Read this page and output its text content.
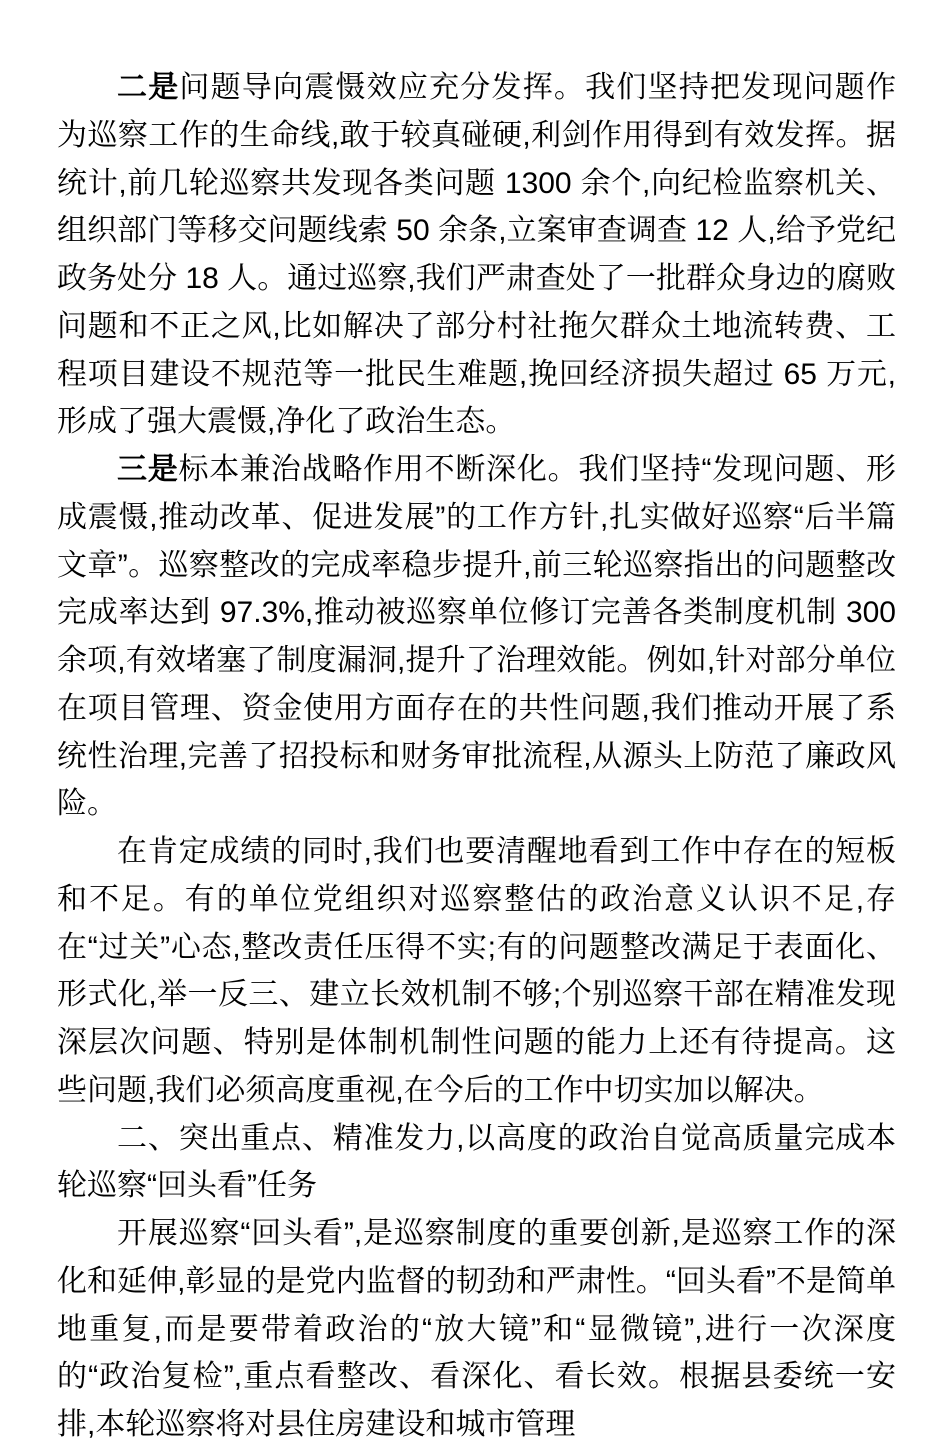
二是问题导向震慑效应充分发挥。我们坚持把发现问题作为巡察工作的生命线,敢于较真碰硬,利剑作用得到有效发挥。据统计,前几轮巡察共发现各类问题 1300 余个,向纪检监察机关、组织部门等移交问题线索 50 余条,立案审查调查 12 人,给予党纪政务处分 18 人。通过巡察,我们严肃查处了一批群众身边的腐败问题和不正之风,比如解决了部分村社拖欠群众土地流转费、工程项目建设不规范等一批民生难题,挽回经济损失超过 65 万元,形成了强大震慑,净化了政治生态。

三是标本兼治战略作用不断深化。我们坚持“发现问题、形成震慑,推动改革、促进发展”的工作方针,扎实做好巡察“后半篇文章”。巡察整改的完成率稳步提升,前三轮巡察指出的问题整改完成率达到 97.3%,推动被巡察单位修订完善各类制度机制 300 余项,有效堵塞了制度漏洞,提升了治理效能。例如,针对部分单位在项目管理、资金使用方面存在的共性问题,我们推动开展了系统性治理,完善了招投标和财务审批流程,从源头上防范了廉政风险。

在肯定成绩的同时,我们也要清醒地看到工作中存在的短板和不足。有的单位党组织对巡察整估的政治意义认识不足,存在“过关”心态,整改责任压得不实;有的问题整改满足于表面化、形式化,举一反三、建立长效机制不够;个别巡察干部在精准发现深层次问题、特别是体制机制性问题的能力上还有待提高。这些问题,我们必须高度重视,在今后的工作中切实加以解决。

二、突出重点、精准发力,以高度的政治自觉高质量完成本轮巡察“回头看”任务

开展巡察“回头看”,是巡察制度的重要创新,是巡察工作的深化和延伸,彰显的是党内监督的韧劲和严肃性。“回头看”不是简单地重复,而是要带着政治的“放大镜”和“显微镜”,进行一次深度的“政治复检”,重点看整改、看深化、看长效。根据县委统一安排,本轮巡察将对县住房建设和城市管理
